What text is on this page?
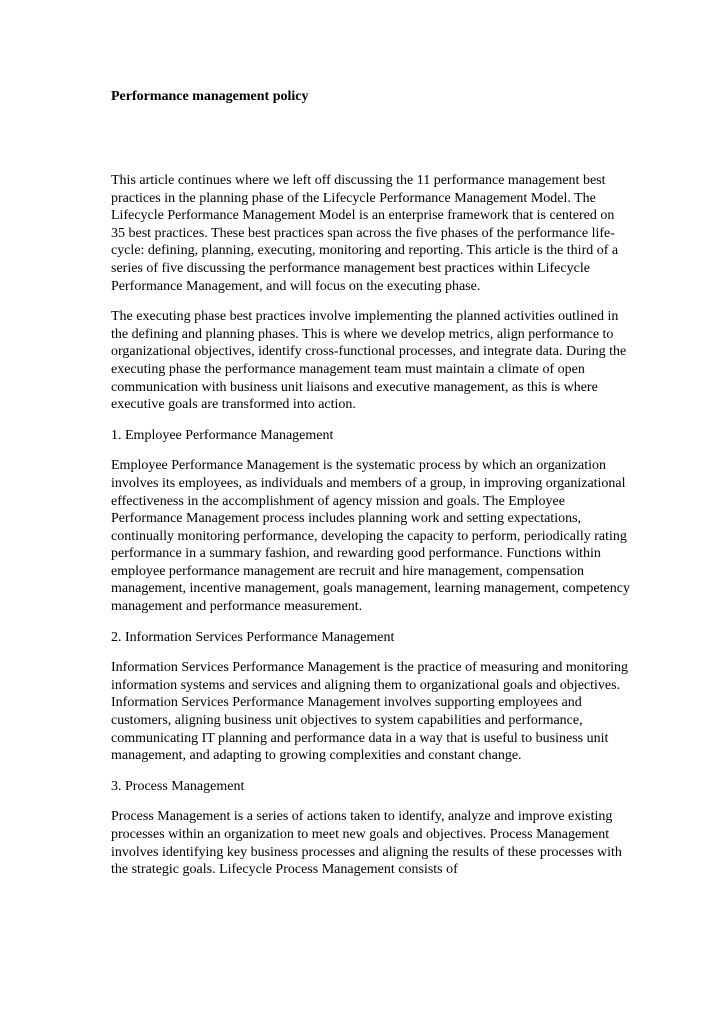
Performance management policy

This article continues where we left off discussing the 11 performance management best practices in the planning phase of the Lifecycle Performance Management Model. The Lifecycle Performance Management Model is an enterprise framework that is centered on 35 best practices. These best practices span across the five phases of the performance life-cycle: defining, planning, executing, monitoring and reporting. This article is the third of a series of five discussing the performance management best practices within Lifecycle Performance Management, and will focus on the executing phase.

The executing phase best practices involve implementing the planned activities outlined in the defining and planning phases. This is where we develop metrics, align performance to organizational objectives, identify cross-functional processes, and integrate data. During the executing phase the performance management team must maintain a climate of open communication with business unit liaisons and executive management, as this is where executive goals are transformed into action.

1. Employee Performance Management

Employee Performance Management is the systematic process by which an organization involves its employees, as individuals and members of a group, in improving organizational effectiveness in the accomplishment of agency mission and goals. The Employee Performance Management process includes planning work and setting expectations, continually monitoring performance, developing the capacity to perform, periodically rating performance in a summary fashion, and rewarding good performance. Functions within employee performance management are recruit and hire management, compensation management, incentive management, goals management, learning management, competency management and performance measurement.

2. Information Services Performance Management

Information Services Performance Management is the practice of measuring and monitoring information systems and services and aligning them to organizational goals and objectives. Information Services Performance Management involves supporting employees and customers, aligning business unit objectives to system capabilities and performance, communicating IT planning and performance data in a way that is useful to business unit management, and adapting to growing complexities and constant change.

3. Process Management

Process Management is a series of actions taken to identify, analyze and improve existing processes within an organization to meet new goals and objectives. Process Management involves identifying key business processes and aligning the results of these processes with the strategic goals. Lifecycle Process Management consists of
